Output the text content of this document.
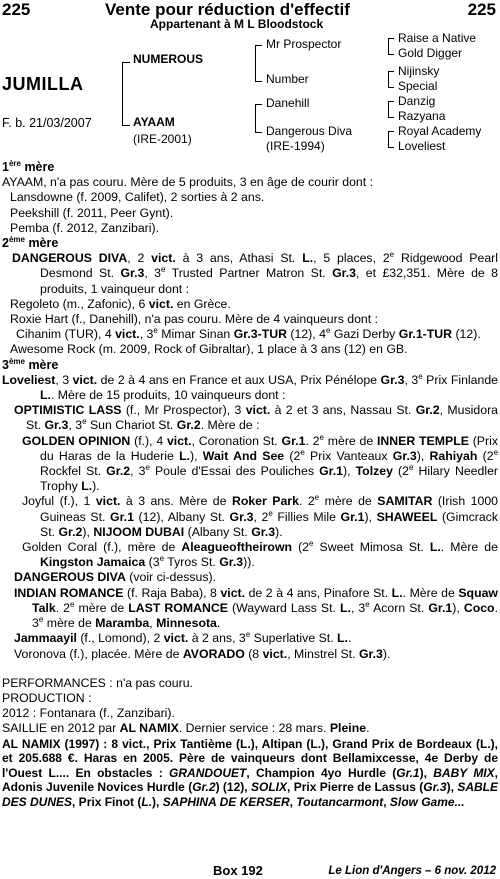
225	Vente pour réduction d'effectif	225
Appartenant à M L Bloodstock
JUMILLA
F. b. 21/03/2007
NUMEROUS
AYAAM
(IRE-2001)
Mr Prospector
Number
Danehill
Dangerous Diva
(IRE-1994)
Raise a Native
Gold Digger
Nijinsky
Special
Danzig
Razyana
Royal Academy
Loveliest

1ère mère

AYAAM, n'a pas couru. Mère de 5 produits, 3 en âge de courir dont :

Lansdowne (f. 2009, Califet), 2 sorties à 2 ans.

Peekshill (f. 2011, Peer Gynt).

Pemba (f. 2012, Zanzibari).

2ème mère

DANGEROUS DIVA, 2 vict. à 3 ans, Athasi St. L., 5 places, 2e Ridgewood Pearl Desmond St. Gr.3, 3e Trusted Partner Matron St. Gr.3, et £32,351. Mère de 8 produits, 1 vainqueur dont :

Regoleto (m., Zafonic), 6 vict. en Grèce.

Roxie Hart (f., Danehill), n'a pas couru. Mère de 4 vainqueurs dont :

Cihanim (TUR), 4 vict., 3e Mimar Sinan Gr.3-TUR (12), 4e Gazi Derby Gr.1-TUR (12).

Awesome Rock (m. 2009, Rock of Gibraltar), 1 place à 3 ans (12) en GB.

3ème mère

Loveliest, 3 vict. de 2 à 4 ans en France et aux USA, Prix Pénélope Gr.3, 3e Prix Finlande L.. Mère de 15 produits, 10 vainqueurs dont :

OPTIMISTIC LASS (f., Mr Prospector), 3 vict. à 2 et 3 ans, Nassau St. Gr.2, Musidora St. Gr.3, 3e Sun Chariot St. Gr.2. Mère de :

GOLDEN OPINION (f.), 4 vict., Coronation St. Gr.1. 2e mère de INNER TEMPLE (Prix du Haras de la Huderie L.), Wait And See (2e Prix Vanteaux Gr.3), Rahiyah (2e Rockfel St. Gr.2, 3e Poule d'Essai des Pouliches Gr.1), Tolzey (2e Hilary Needler Trophy L.).

Joyful (f.), 1 vict. à 3 ans. Mère de Roker Park. 2e mère de SAMITAR (Irish 1000 Guineas St. Gr.1 (12), Albany St. Gr.3, 2e Fillies Mile Gr.1), SHAWEEL (Gimcrack St. Gr.2), NIJOOM DUBAI (Albany St. Gr.3).

Golden Coral (f.), mère de Aleagueoftheirown (2e Sweet Mimosa St. L.. Mère de Kingston Jamaica (3e Tyros St. Gr.3)).

DANGEROUS DIVA (voir ci-dessus).

INDIAN ROMANCE (f. Raja Baba), 8 vict. de 2 à 4 ans, Pinafore St. L.. Mère de Squaw Talk. 2e mère de LAST ROMANCE (Wayward Lass St. L., 3e Acorn St. Gr.1), Coco. 3e mère de Maramba, Minnesota.

Jammaayil (f., Lomond), 2 vict. à 2 ans, 3e Superlative St. L..

Voronova (f.), placée. Mère de AVORADO (8 vict., Minstrel St. Gr.3).

PERFORMANCES : n'a pas couru.

PRODUCTION :

2012 : Fontanara (f., Zanzibari).

SAILLIE en 2012 par AL NAMIX. Dernier service : 28 mars. Pleine.

AL NAMIX (1997) : 8 vict., Prix Tantième (L.), Altipan (L.), Grand Prix de Bordeaux (L.), et 205.688 €. Haras en 2005. Père de vainqueurs dont Bellamixcesse, 4e Derby de l'Ouest L.... En obstacles : GRANDOUET, Champion 4yo Hurdle (Gr.1), BABY MIX, Adonis Juvenile Novices Hurdle (Gr.2) (12), SOLIX, Prix Pierre de Lassus (Gr.3), SABLE DES DUNES, Prix Finot (L.), SAPHINA DE KERSER, Toutancarmont, Slow Game...

Box 192	Le Lion d'Angers – 6 nov. 2012
